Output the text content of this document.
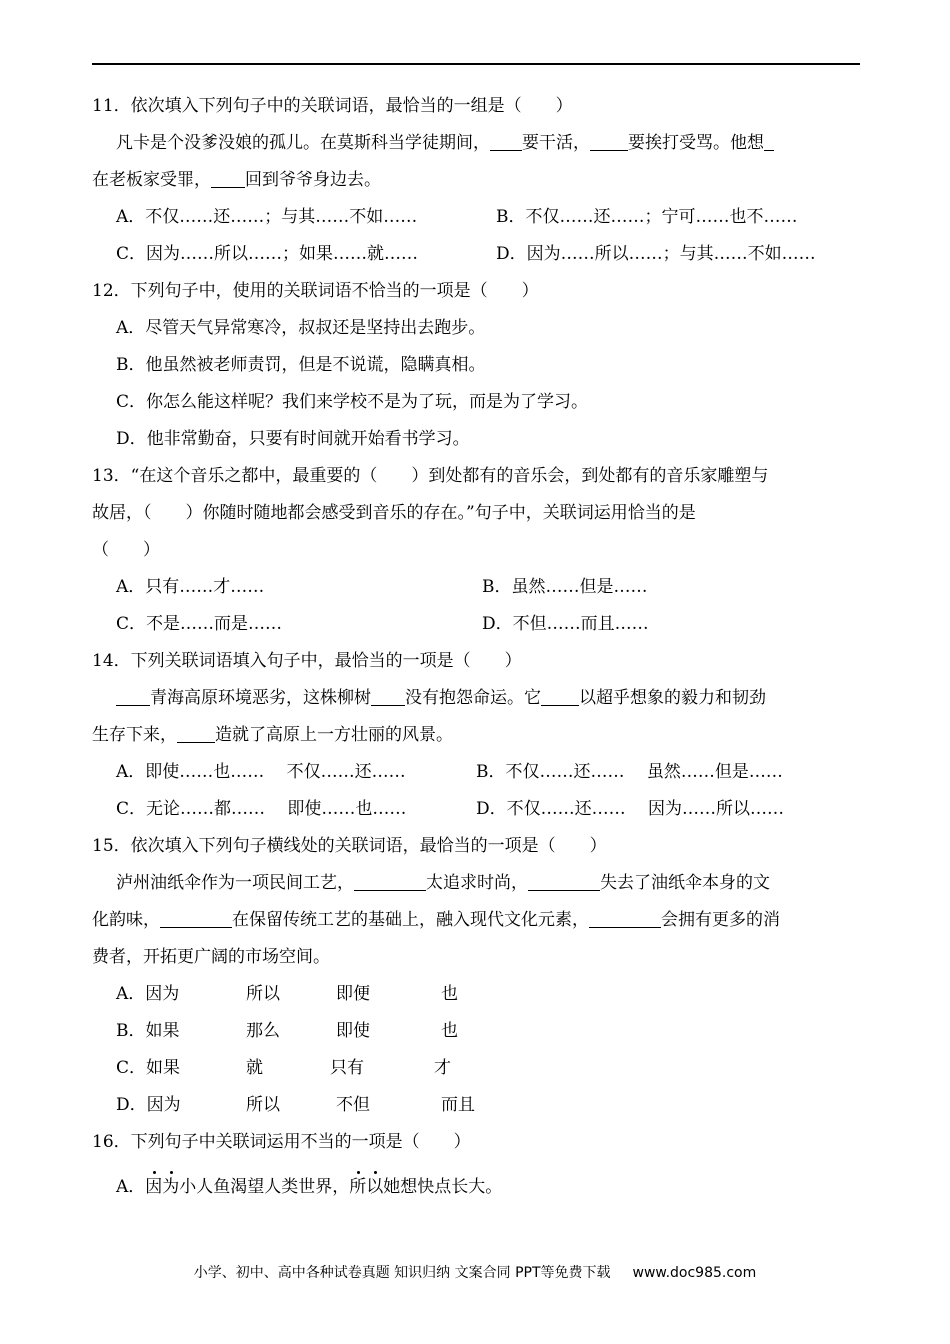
11．依次填入下列句子中的关联词语，最恰当的一组是（　　）
凡卡是个没爹没娘的孤儿。在莫斯科当学徒期间， 要干活， 要挨打受骂。他想
在老板家受罪， 回到爷爷身边去。
A．不仅……还……；与其……不如……	B．不仅……还……；宁可……也不……
C．因为……所以……；如果……就……	D．因为……所以……；与其……不如……
12．下列句子中，使用的关联词语不恰当的一项是（　　）
A．尽管天气异常寒冷，叔叔还是坚持出去跑步。
B．他虽然被老师责罚，但是不说谎，隐瞒真相。
C．你怎么能这样呢？我们来学校不是为了玩，而是为了学习。
D．他非常勤奋，只要有时间就开始看书学习。
13．“在这个音乐之都中，最重要的（　　）到处都有的音乐会，到处都有的音乐家雕塑与
故居，（　　）你随时随地都会感受到音乐的存在。”句子中，关联词运用恰当的是
（　　）
A．只有……才……	B．虽然……但是……
C．不是……而是……	D．不但……而且……
14．下列关联词语填入句子中，最恰当的一项是（　　）
青海高原环境恶劣，这株柳树 没有抱怨命运。它 以超乎想象的毅力和韧劲
生存下来， 造就了高原上一方壮丽的风景。
A．即使……也……　 不仅……还……	B．不仅……还……　 虽然……但是……
C．无论……都……　 即使……也……	D．不仅……还……　 因为……所以……
15．依次填入下列句子横线处的关联词语，最恰当的一项是（　　）
泸州油纸伞作为一项民间工艺，	太追求时尚，	失去了油纸伞本身的文
化韵味，	在保留传统工艺的基础上，融入现代文化元素，	会拥有更多的消
费者，开拓更广阔的市场空间。
A．因为	所以	即便	也
B．如果	那么	即使	也
C．如果	就	只有	才
D．因为	所以	不但	而且
16．下列句子中关联词运用不当的一项是（　　）
A．因为小人鱼渴望人类世界，所以她想快点长大。
小学、初中、高中各种试卷真题 知识归纳 文案合同 PPT等免费下载 www.doc985.com
